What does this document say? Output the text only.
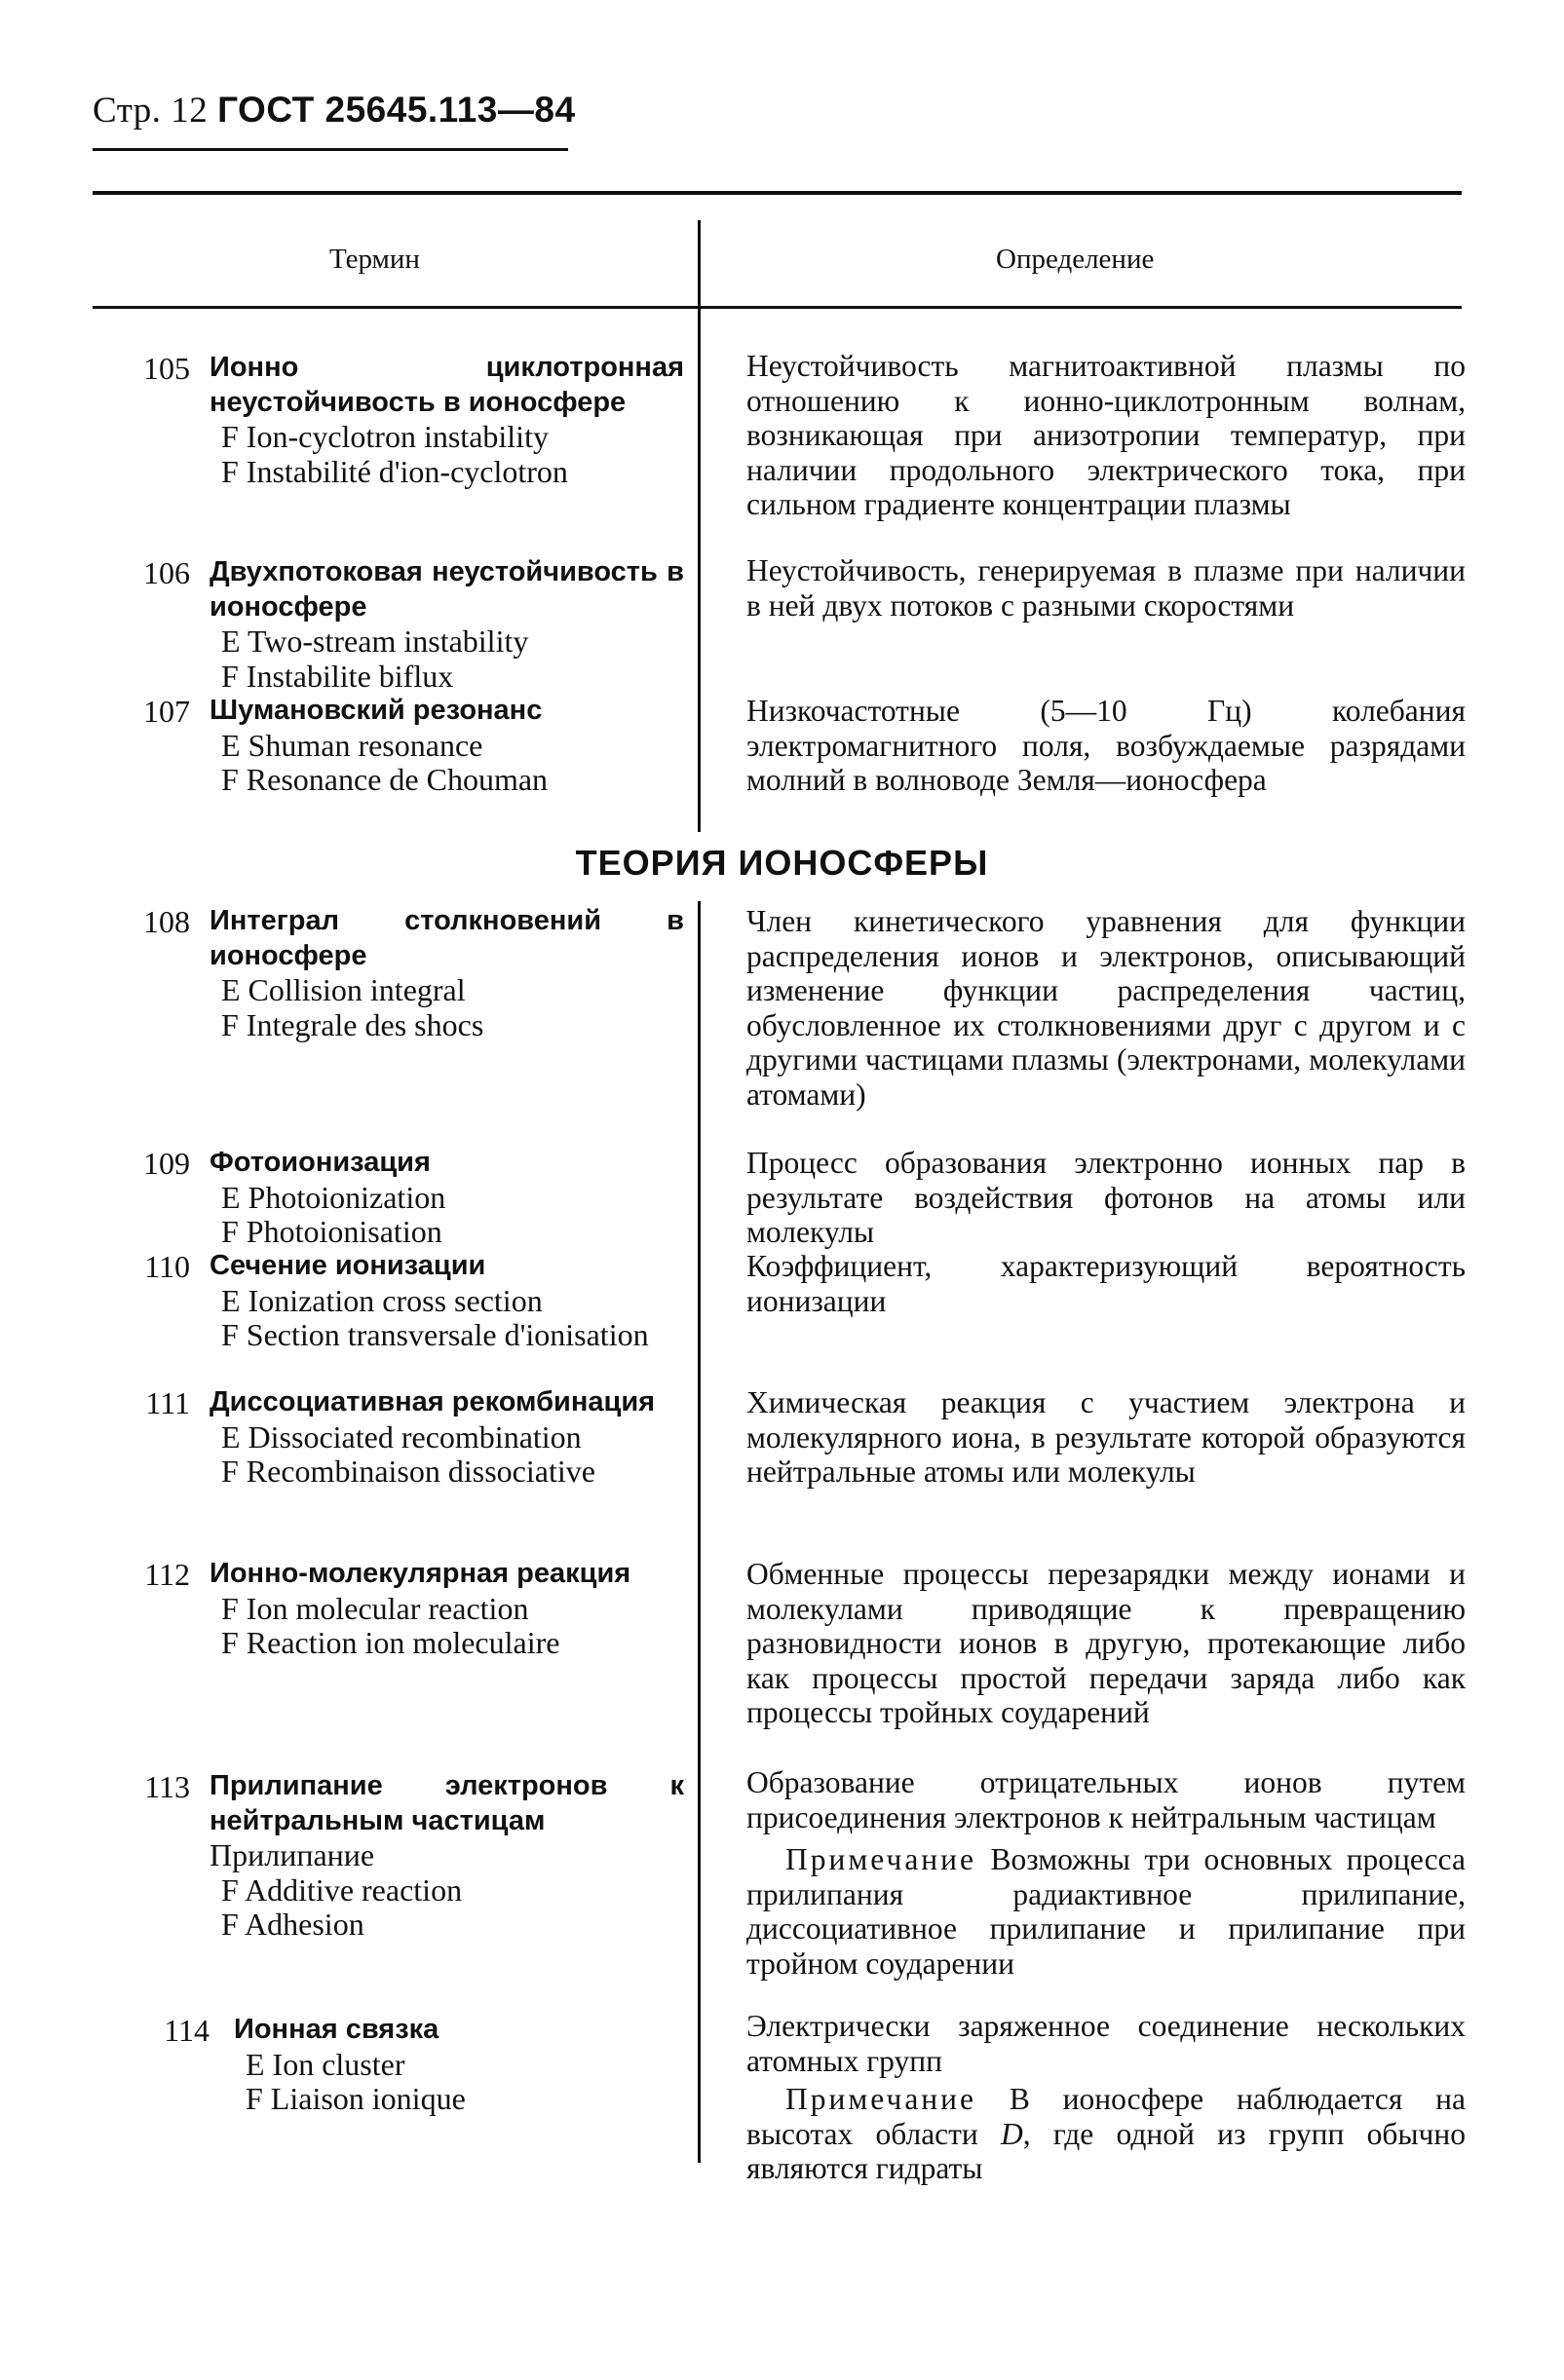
Стр. 12 ГОСТ 25645.113—84
Термин	Определение
ТЕОРИЯ ИОНОСФЕРЫ
105 Ионно циклотронная неустойчивость в ионосфере
F Ion-cyclotron instability
F Instabilité d'ion-cyclotron

Неустойчивость магнитоактивной плазмы по отношению к ионно-циклотронным волнам, возникающая при анизотропии температур, при наличии продольного электрического тока, при сильном градиенте концентрации плазмы

106 Двухпотоковая неустойчивость в ионосфере
E Two-stream instability
F Instabilite biflux

Неустойчивость, генерируемая в плазме при наличии в ней двух потоков с разными скоростями

107 Шумановский резонанс
E Shuman resonance
F Resonance de Chouman

Низкочастотные (5—10 Гц) колебания электромагнитного поля, возбуждаемые разрядами молний в волноводе Земля—ионосфера

108 Интеграл столкновений в ионосфере
E Collision integral
F Integrale des shocs

Член кинетического уравнения для функции распределения ионов и электронов, описывающий изменение функции распределения частиц, обусловленное их столкновениями друг с другом и с другими частицами плазмы (электронами, молекулами атомами)

109 Фотоионизация
E Photoionization
F Photoionisation

Процесс образования электронно ионных пар в результате воздействия фотонов на атомы или молекулы

110 Сечение ионизации
E Ionization cross section
F Section transversale d'ionisation

Коэффициент, характеризующий вероятность ионизации

111 Диссоциативная рекомбинация
E Dissociated recombination
F Recombinaison dissociative

Химическая реакция с участием электрона и молекулярного иона, в результате которой образуются нейтральные атомы или молекулы

112 Ионно-молекулярная реакция
F Ion molecular reaction
F Reaction ion moleculaire

Обменные процессы перезарядки между ионами и молекулами приводящие к превращению разновидности ионов в другую, протекающие либо как процессы простой передачи заряда либо как процессы тройных соударений

113 Прилипание электронов к нейтральным частицам
Прилипание
F Additive reaction
F Adhesion

Образование отрицательных ионов путем присоединения электронов к нейтральным частицам

Примечание Возможны три основных процесса прилипания радиактивное прилипание, диссоциативное прилипание и прилипание при тройном соударении

114 Ионная связка
E Ion cluster
F Liaison ionique

Электрически заряженное соединение нескольких атомных групп

Примечание В ионосфере наблюдается на высотах области D, где одной из групп обычно являются гидраты
